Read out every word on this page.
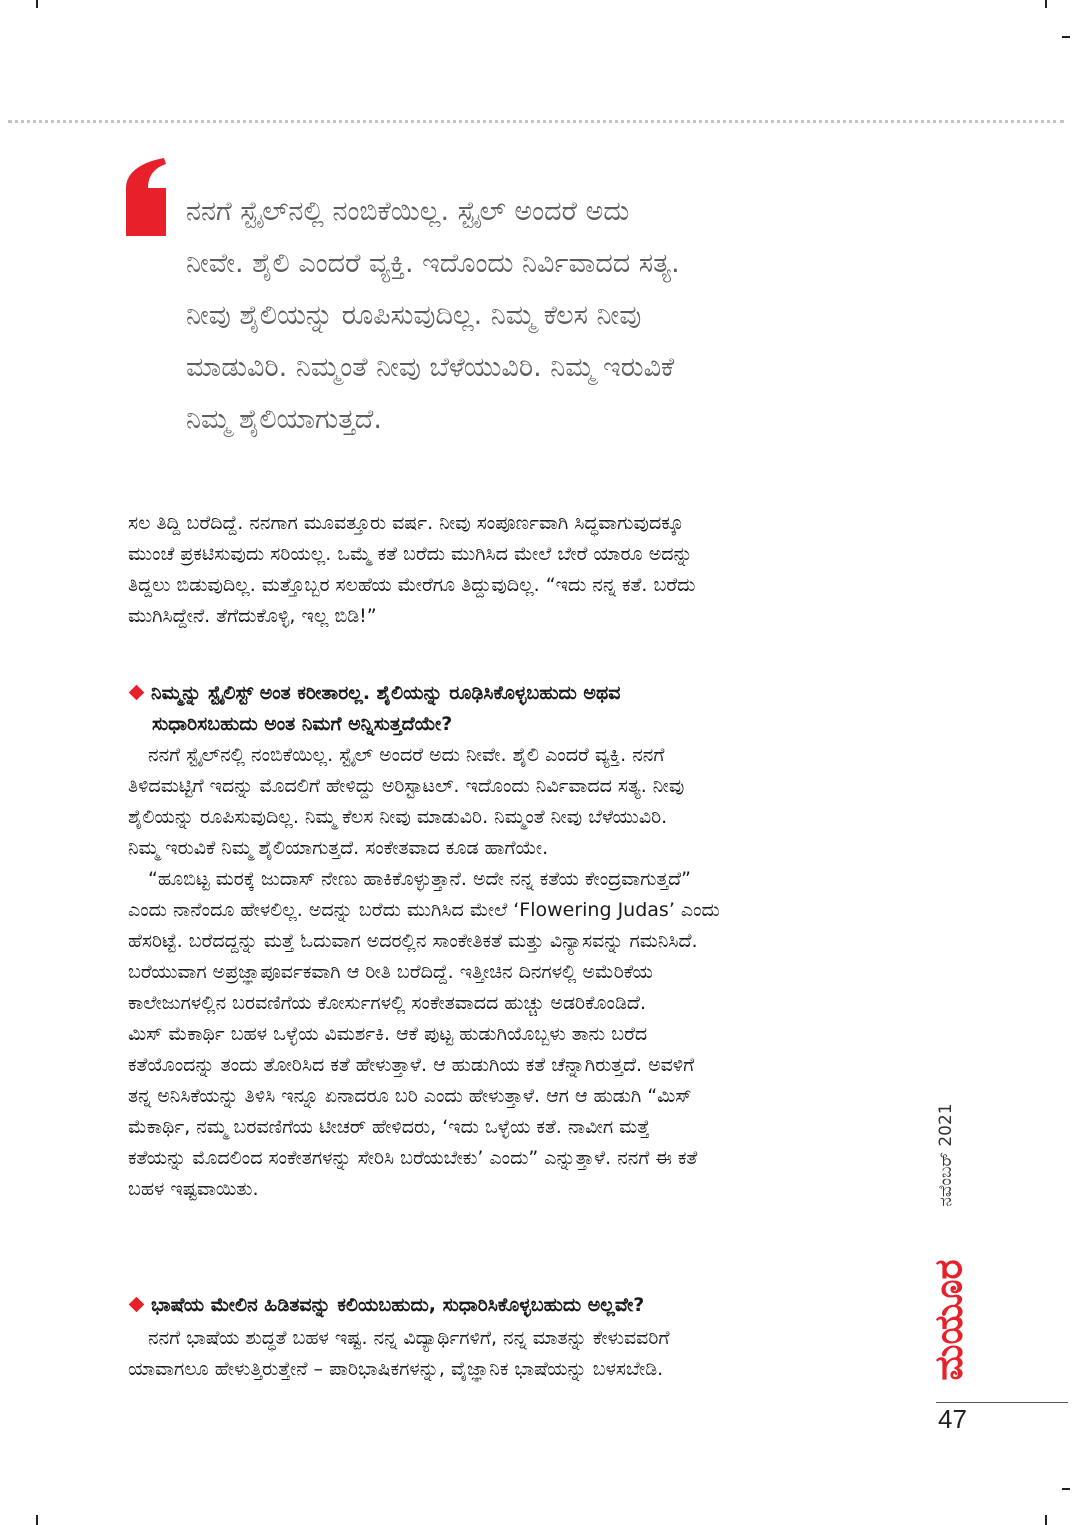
ನನಗೆ ಸ್ಟೈಲ್‌ನಲ್ಲಿ ನಂಬಿಕೆಯಿಲ್ಲ. ಸ್ಟೈಲ್ ಅಂದರೆ ಅದು
ನೀವೇ. ಶೈಲಿ ಎಂದರೆ ವ್ಯಕ್ತಿ. ಇದೊಂದು ನಿರ್ವಿವಾದದ ಸತ್ಯ.
ನೀವು ಶೈಲಿಯನ್ನು ರೂಪಿಸುವುದಿಲ್ಲ. ನಿಮ್ಮ ಕೆಲಸ ನೀವು
ಮಾಡುವಿರಿ. ನಿಮ್ಮಂತೆ ನೀವು ಬೆಳೆಯುವಿರಿ. ನಿಮ್ಮ ಇರುವಿಕೆ
ನಿಮ್ಮ ಶೈಲಿಯಾಗುತ್ತದೆ.
ಸಲ ತಿದ್ದಿ ಬರೆದಿದ್ದೆ. ನನಗಾಗ ಮೂವತ್ತೂರು ವರ್ಷ. ನೀವು ಸಂಪೂರ್ಣವಾಗಿ ಸಿದ್ಧವಾಗುವುದಕ್ಕೂ
ಮುಂಚೆ ಪ್ರಕಟಿಸುವುದು ಸರಿಯಲ್ಲ. ಒಮ್ಮೆ ಕತೆ ಬರೆದು ಮುಗಿಸಿದ ಮೇಲೆ ಬೇರೆ ಯಾರೂ ಅದನ್ನು
ತಿದ್ದಲು ಬಿಡುವುದಿಲ್ಲ. ಮತ್ತೊಬ್ಬರ ಸಲಹೆಯ ಮೇರೆಗೂ ತಿದ್ದುವುದಿಲ್ಲ. “ಇದು ನನ್ನ ಕತೆ. ಬರೆದು
ಮುಗಿಸಿದ್ದೇನೆ. ತೆಗೆದುಕೊಳ್ಳಿ, ಇಲ್ಲ ಬಿಡಿ!”
ನಿಮ್ಮನ್ನು ಸ್ಟೈಲಿಸ್ಟ್ ಅಂತ ಕರೀತಾರಲ್ಲ. ಶೈಲಿಯನ್ನು ರೂಢಿಸಿಕೊಳ್ಳಬಹುದು ಅಥವ
ಸುಧಾರಿಸಬಹುದು ಅಂತ ನಿಮಗೆ ಅನ್ನಿಸುತ್ತದೆಯೇ?
ನನಗೆ ಸ್ಟೈಲ್‌ನಲ್ಲಿ ನಂಬಿಕೆಯಿಲ್ಲ. ಸ್ಟೈಲ್ ಅಂದರೆ ಅದು ನೀವೇ. ಶೈಲಿ ಎಂದರೆ ವ್ಯಕ್ತಿ. ನನಗೆ
ತಿಳಿದಮಟ್ಟಿಗೆ ಇದನ್ನು ಮೊದಲಿಗೆ ಹೇಳಿದ್ದು ಅರಿಸ್ಟಾಟಲ್. ಇದೊಂದು ನಿರ್ವಿವಾದದ ಸತ್ಯ. ನೀವು
ಶೈಲಿಯನ್ನು ರೂಪಿಸುವುದಿಲ್ಲ. ನಿಮ್ಮ ಕೆಲಸ ನೀವು ಮಾಡುವಿರಿ. ನಿಮ್ಮಂತೆ ನೀವು ಬೆಳೆಯುವಿರಿ.
ನಿಮ್ಮ ಇರುವಿಕೆ ನಿಮ್ಮ ಶೈಲಿಯಾಗುತ್ತದೆ. ಸಂಕೇತವಾದ ಕೂಡ ಹಾಗೆಯೇ.
“ಹೂಬಿಟ್ಟ ಮರಕ್ಕೆ ಜುದಾಸ್ ನೇಣು ಹಾಕಿಕೊಳ್ಳುತ್ತಾನೆ. ಅದೇ ನನ್ನ ಕತೆಯ ಕೇಂದ್ರವಾಗುತ್ತದೆ”
ಎಂದು ನಾನೆಂದೂ ಹೇಳಲಿಲ್ಲ. ಅದನ್ನು ಬರೆದು ಮುಗಿಸಿದ ಮೇಲೆ ‘Flowering Judas’ ಎಂದು
ಹೆಸರಿಟ್ಟೆ. ಬರೆದದ್ದನ್ನು ಮತ್ತೆ ಓದುವಾಗ ಅದರಲ್ಲಿನ ಸಾಂಕೇತಿಕತೆ ಮತ್ತು ವಿನ್ಯಾಸವನ್ನು ಗಮನಿಸಿದೆ.
ಬರೆಯುವಾಗ ಅಪ್ರಜ್ಞಾಪೂರ್ವಕವಾಗಿ ಆ ರೀತಿ ಬರೆದಿದ್ದೆ. ಇತ್ತೀಚಿನ ದಿನಗಳಲ್ಲಿ ಅಮೆರಿಕೆಯ
ಕಾಲೇಜುಗಳಲ್ಲಿನ ಬರವಣಿಗೆಯ ಕೋರ್ಸುಗಳಲ್ಲಿ ಸಂಕೇತವಾದದ ಹುಚ್ಚು ಅಡರಿಕೊಂಡಿದೆ.
ಮಿಸ್ ಮೆಕಾರ್ಥಿ ಬಹಳ ಒಳ್ಳೆಯ ವಿಮರ್ಶಕಿ. ಆಕೆ ಪುಟ್ಟ ಹುಡುಗಿಯೊಬ್ಬಳು ತಾನು ಬರೆದ
ಕತೆಯೊಂದನ್ನು ತಂದು ತೋರಿಸಿದ ಕತೆ ಹೇಳುತ್ತಾಳೆ. ಆ ಹುಡುಗಿಯ ಕತೆ ಚೆನ್ನಾಗಿರುತ್ತದೆ. ಅವಳಿಗೆ
ತನ್ನ ಅನಿಸಿಕೆಯನ್ನು ತಿಳಿಸಿ ಇನ್ನೂ ಏನಾದರೂ ಬರಿ ಎಂದು ಹೇಳುತ್ತಾಳೆ. ಆಗ ಆ ಹುಡುಗಿ “ಮಿಸ್
ಮೆಕಾರ್ಥಿ, ನಮ್ಮ ಬರವಣಿಗೆಯ ಟೀಚರ್ ಹೇಳಿದರು, ‘ಇದು ಒಳ್ಳೆಯ ಕತೆ. ನಾವೀಗ ಮತ್ತೆ
ಕತೆಯನ್ನು ಮೊದಲಿಂದ ಸಂಕೇತಗಳನ್ನು ಸೇರಿಸಿ ಬರೆಯಬೇಕು’ ಎಂದು” ಎನ್ನುತ್ತಾಳೆ. ನನಗೆ ಈ ಕತೆ
ಬಹಳ ಇಷ್ಟವಾಯಿತು.
ಭಾಷೆಯ ಮೇಲಿನ ಹಿಡಿತವನ್ನು ಕಲಿಯಬಹುದು, ಸುಧಾರಿಸಿಕೊಳ್ಳಬಹುದು ಅಲ್ಲವೇ?
ನನಗೆ ಭಾಷೆಯ ಶುದ್ಧತೆ ಬಹಳ ಇಷ್ಟ. ನನ್ನ ವಿದ್ಯಾರ್ಥಿಗಳಿಗೆ, ನನ್ನ ಮಾತನ್ನು ಕೇಳುವವರಿಗೆ
ಯಾವಾಗಲೂ ಹೇಳುತ್ತಿರುತ್ತೇನೆ – ಪಾರಿಭಾಷಿಕಗಳನ್ನು, ವೈಜ್ಞಾನಿಕ ಭಾಷೆಯನ್ನು ಬಳಸಬೇಡಿ.
ನವೆಂಬರ್ 2021
ಮಯೂರ
47
